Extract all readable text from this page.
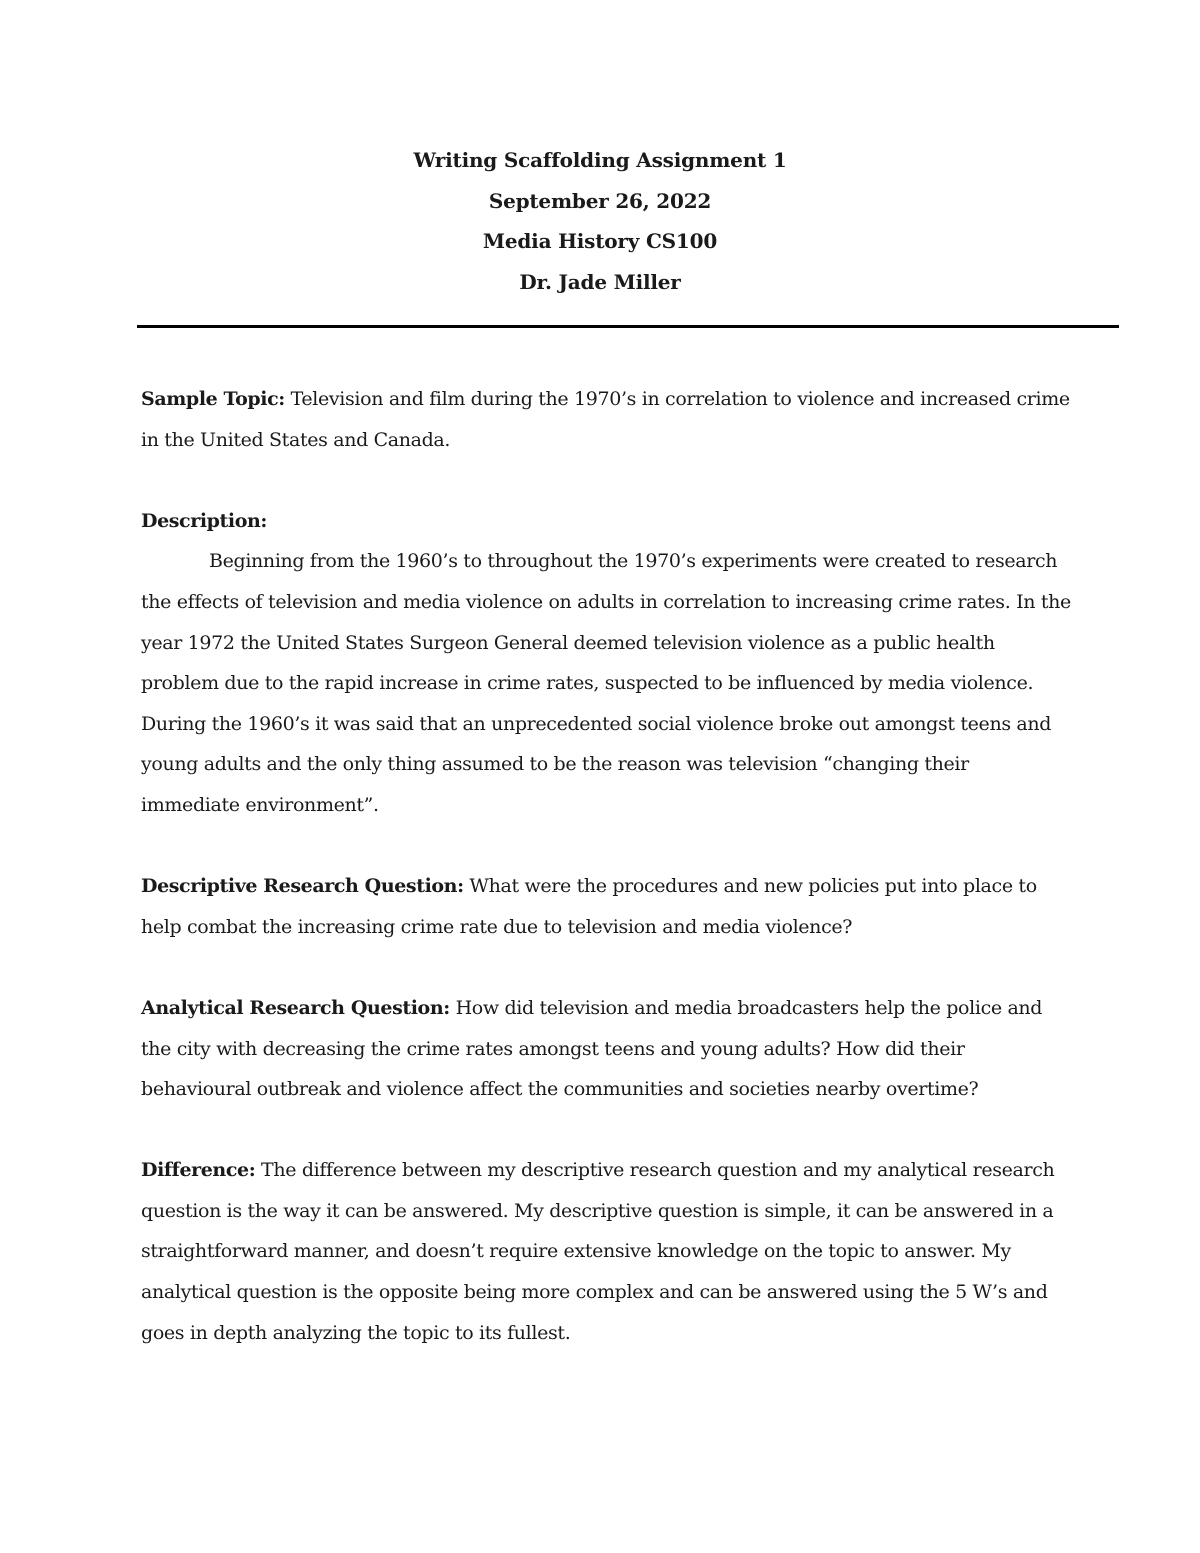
Writing Scaffolding Assignment 1
September 26, 2022
Media History CS100
Dr. Jade Miller

Sample Topic: Television and film during the 1970’s in correlation to violence and increased crime in the United States and Canada.

Description:

Beginning from the 1960’s to throughout the 1970’s experiments were created to research the effects of television and media violence on adults in correlation to increasing crime rates. In the year 1972 the United States Surgeon General deemed television violence as a public health problem due to the rapid increase in crime rates, suspected to be influenced by media violence. During the 1960’s it was said that an unprecedented social violence broke out amongst teens and young adults and the only thing assumed to be the reason was television “changing their immediate environment”.

Descriptive Research Question: What were the procedures and new policies put into place to help combat the increasing crime rate due to television and media violence?

Analytical Research Question: How did television and media broadcasters help the police and the city with decreasing the crime rates amongst teens and young adults? How did their behavioural outbreak and violence affect the communities and societies nearby overtime?

Difference: The difference between my descriptive research question and my analytical research question is the way it can be answered. My descriptive question is simple, it can be answered in a straightforward manner, and doesn’t require extensive knowledge on the topic to answer. My analytical question is the opposite being more complex and can be answered using the 5 W’s and goes in depth analyzing the topic to its fullest.
